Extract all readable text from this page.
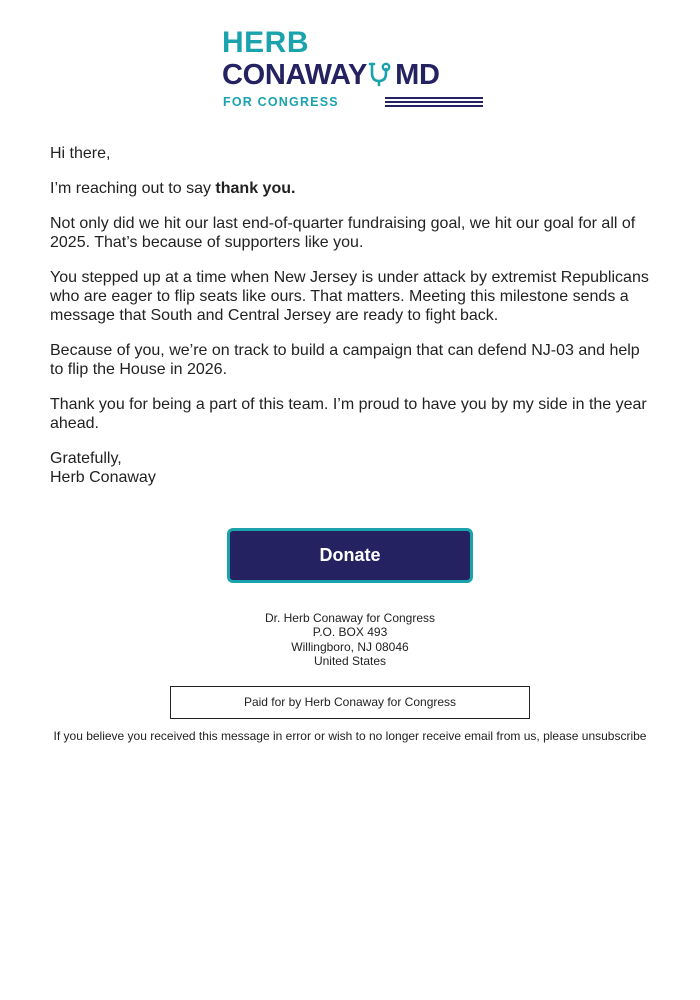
HERB
CONAWAY MD
FOR CONGRESS

Hi there,

I’m reaching out to say thank you.

Not only did we hit our last end-of-quarter fundraising goal, we hit our goal for all of 2025. That’s because of supporters like you.

You stepped up at a time when New Jersey is under attack by extremist Republicans who are eager to flip seats like ours. That matters. Meeting this milestone sends a message that South and Central Jersey are ready to fight back.

Because of you, we’re on track to build a campaign that can defend NJ-03 and help to flip the House in 2026.

Thank you for being a part of this team. I’m proud to have you by my side in the year ahead.

Gratefully,
Herb Conaway

Donate
Dr. Herb Conaway for Congress
P.O. BOX 493
Willingboro, NJ 08046
United States
Paid for by Herb Conaway for Congress
If you believe you received this message in error or wish to no longer receive email from us, please unsubscribe
